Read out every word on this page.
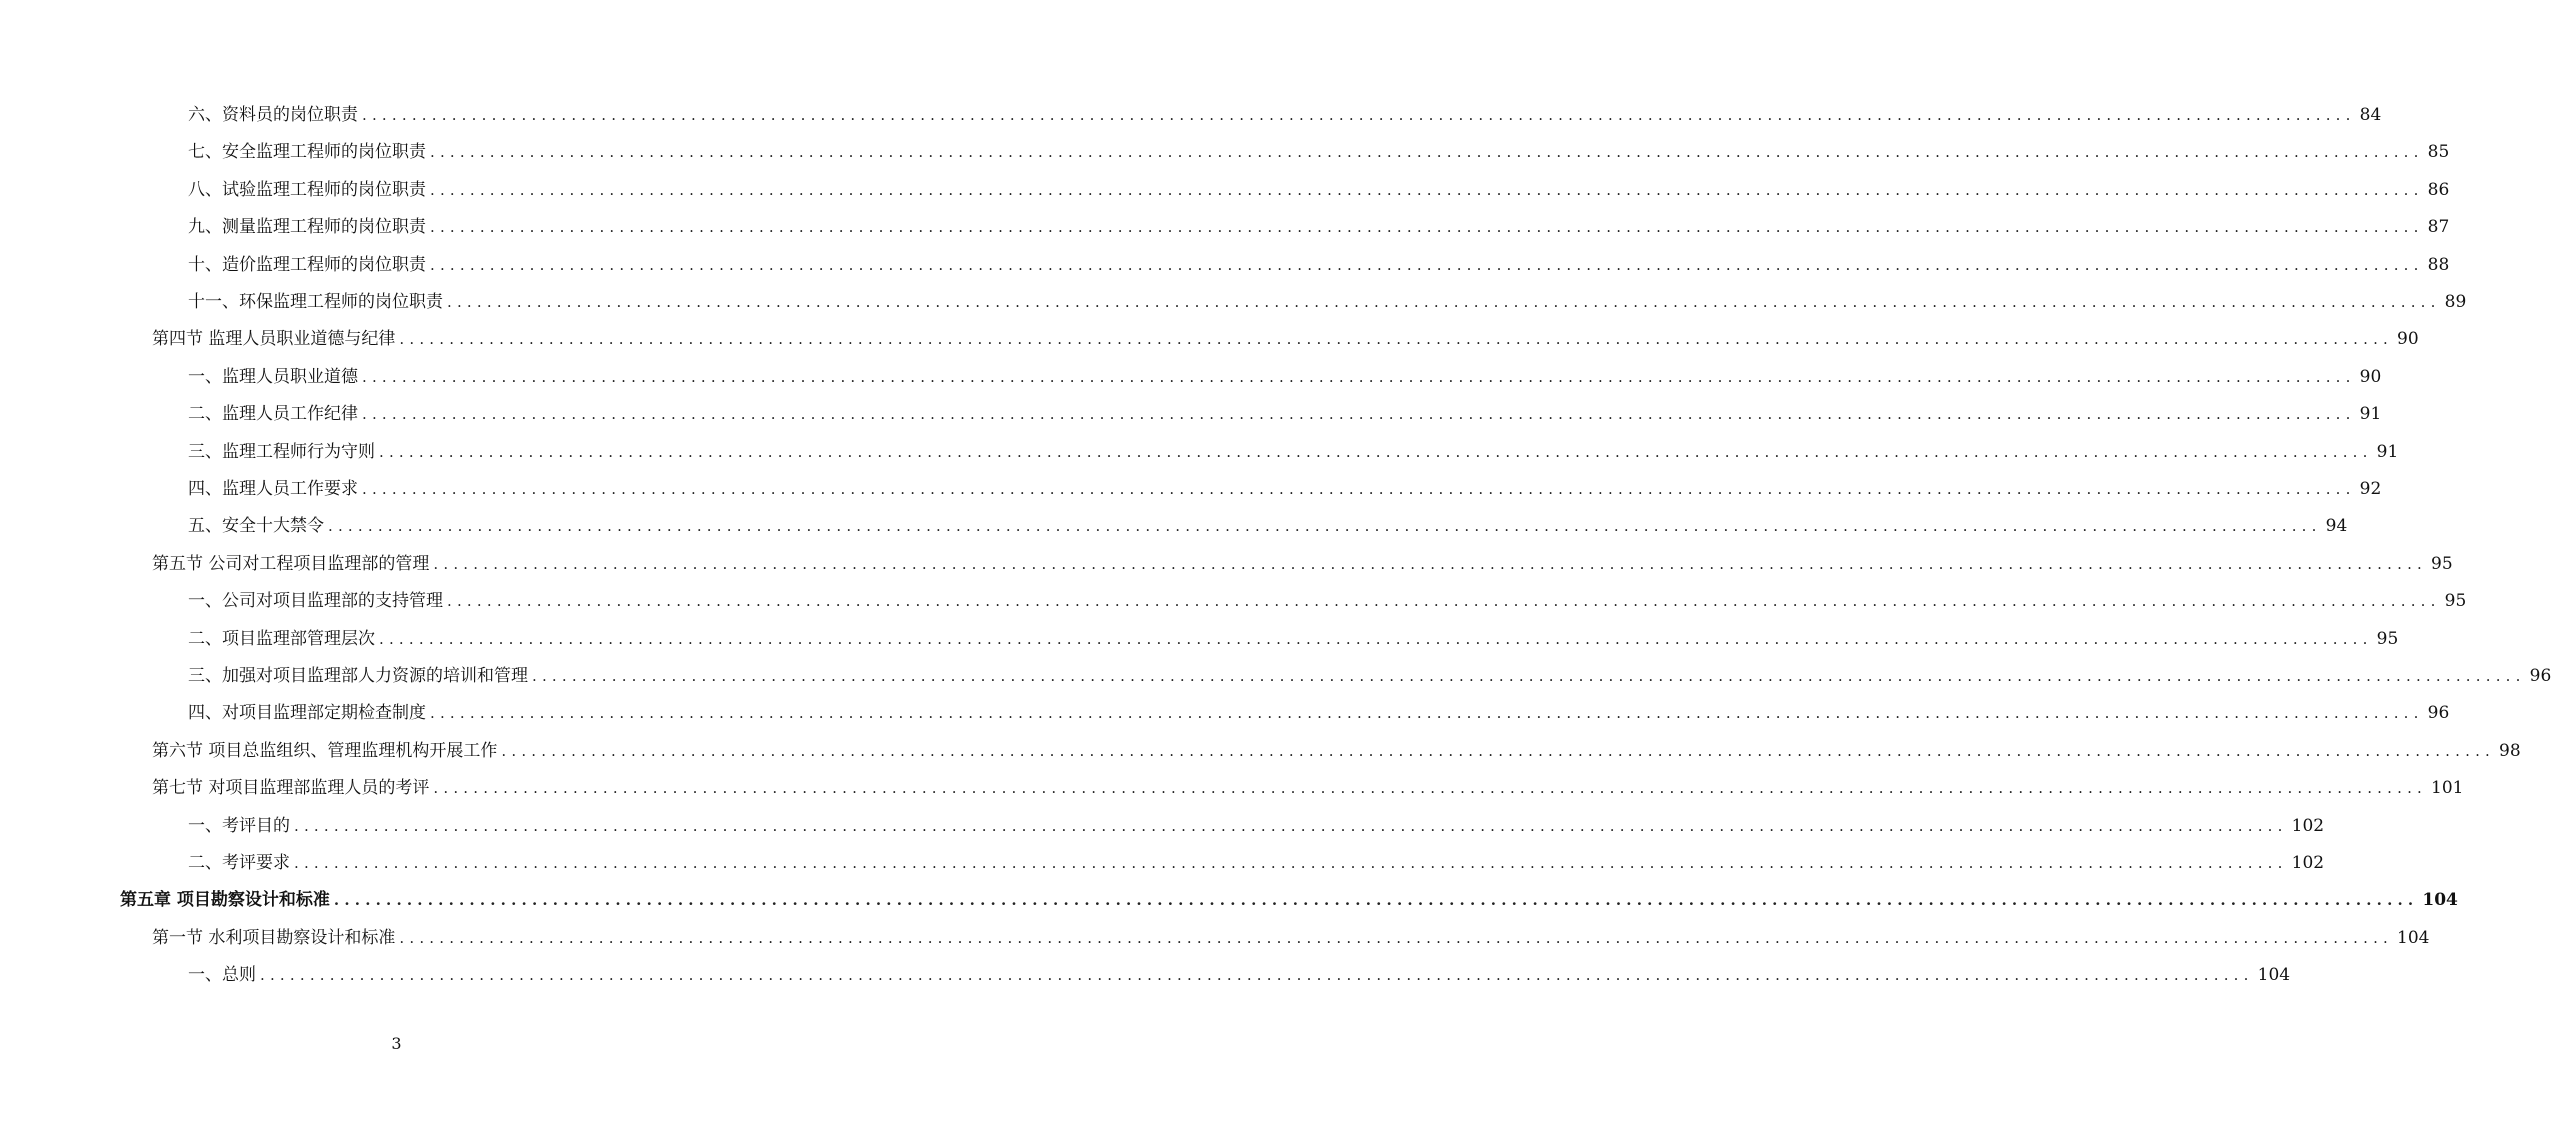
六、资料员的岗位职责 ........................................................................................................................................................................................................ 84
七、安全监理工程师的岗位职责 ........................................................................................................................................................................................................ 85
八、试验监理工程师的岗位职责 ........................................................................................................................................................................................................ 86
九、测量监理工程师的岗位职责 ........................................................................................................................................................................................................ 87
十、造价监理工程师的岗位职责 ........................................................................................................................................................................................................ 88
十一、环保监理工程师的岗位职责 ........................................................................................................................................................................................................ 89
第四节 监理人员职业道德与纪律 ........................................................................................................................................................................................................ 90
一、监理人员职业道德 ........................................................................................................................................................................................................ 90
二、监理人员工作纪律 ........................................................................................................................................................................................................ 91
三、监理工程师行为守则 ........................................................................................................................................................................................................ 91
四、监理人员工作要求 ........................................................................................................................................................................................................ 92
五、安全十大禁令 ........................................................................................................................................................................................................ 94
第五节 公司对工程项目监理部的管理 ........................................................................................................................................................................................................ 95
一、公司对项目监理部的支持管理 ........................................................................................................................................................................................................ 95
二、项目监理部管理层次 ........................................................................................................................................................................................................ 95
三、加强对项目监理部人力资源的培训和管理 ........................................................................................................................................................................................................ 96
四、对项目监理部定期检查制度 ........................................................................................................................................................................................................ 96
第六节 项目总监组织、管理监理机构开展工作 ........................................................................................................................................................................................................ 98
第七节 对项目监理部监理人员的考评 ........................................................................................................................................................................................................ 101
一、考评目的 ........................................................................................................................................................................................................ 102
二、考评要求 ........................................................................................................................................................................................................ 102
第五章 项目勘察设计和标准 ........................................................................................................................................................................................................ 104
第一节 水利项目勘察设计和标准 ........................................................................................................................................................................................................ 104
一、总则 ........................................................................................................................................................................................................ 104
3
